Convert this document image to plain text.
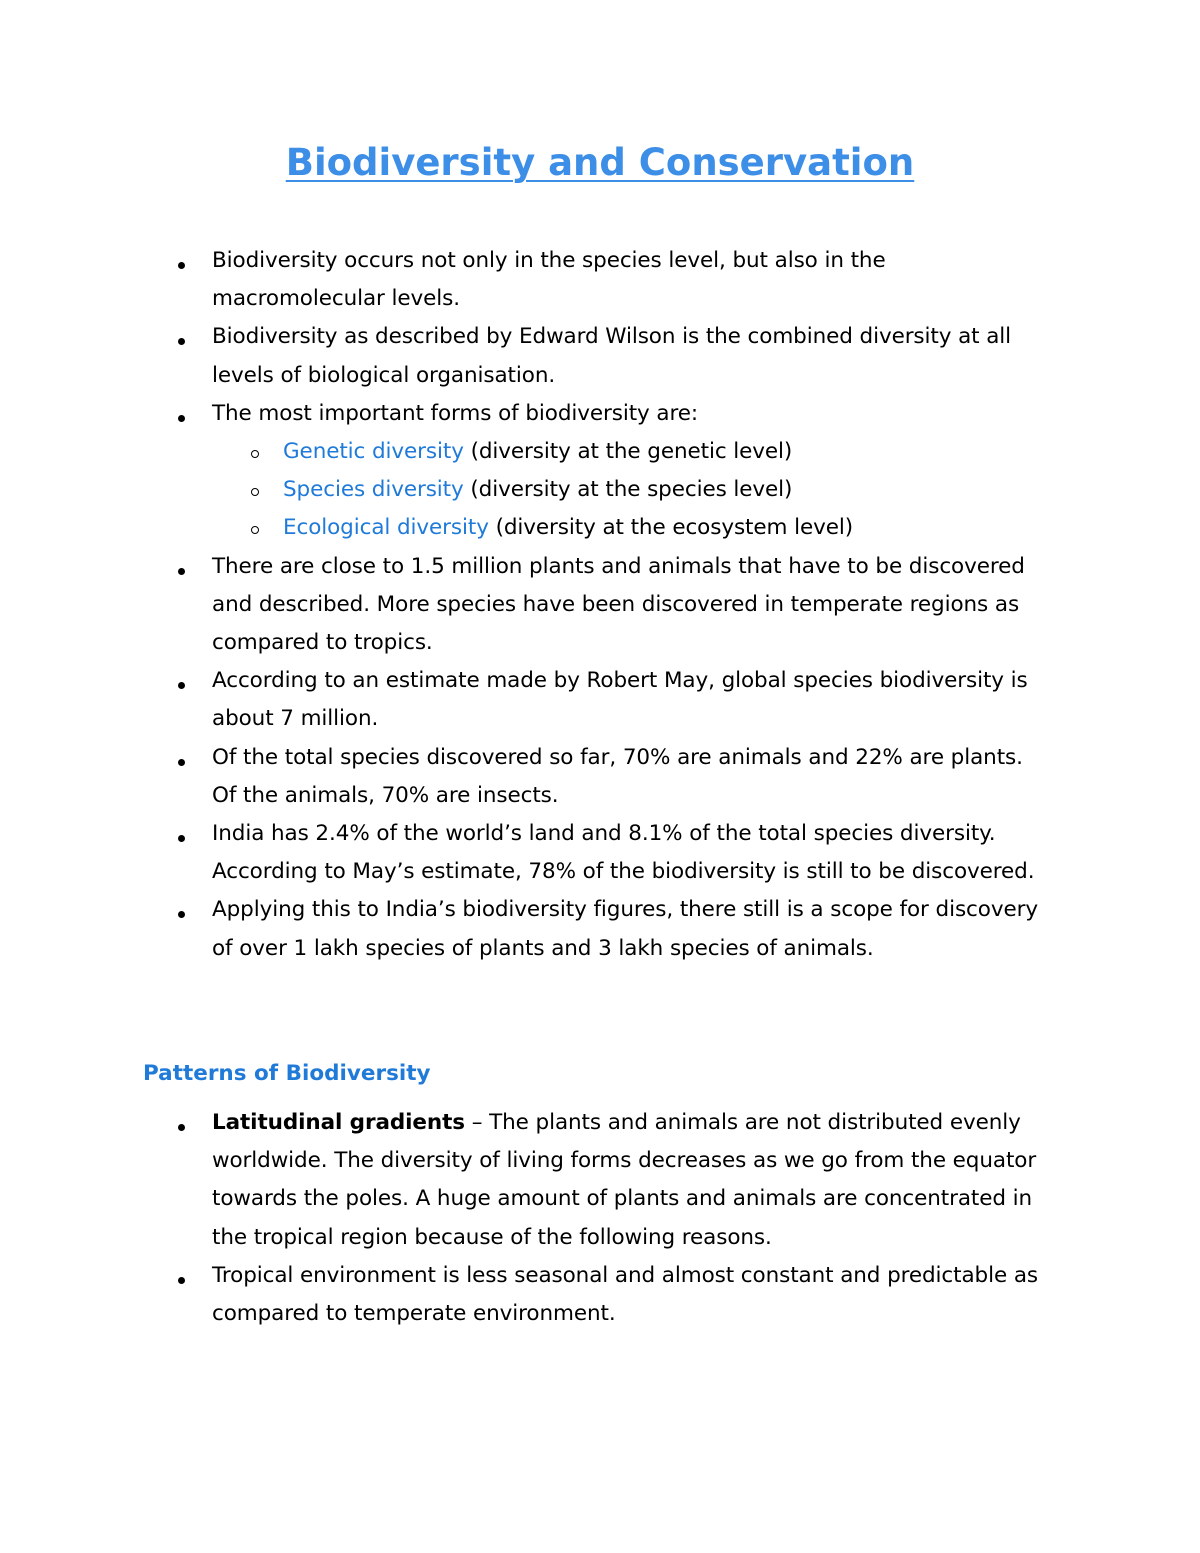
Biodiversity and Conservation
Biodiversity occurs not only in the species level, but also in the macromolecular levels.
Biodiversity as described by Edward Wilson is the combined diversity at all levels of biological organisation.
The most important forms of biodiversity are:
Genetic diversity (diversity at the genetic level)
Species diversity (diversity at the species level)
Ecological diversity (diversity at the ecosystem level)
There are close to 1.5 million plants and animals that have to be discovered and described. More species have been discovered in temperate regions as compared to tropics.
According to an estimate made by Robert May, global species biodiversity is about 7 million.
Of the total species discovered so far, 70% are animals and 22% are plants. Of the animals, 70% are insects.
India has 2.4% of the world’s land and 8.1% of the total species diversity. According to May’s estimate, 78% of the biodiversity is still to be discovered.
Applying this to India’s biodiversity figures, there still is a scope for discovery of over 1 lakh species of plants and 3 lakh species of animals.
Patterns of Biodiversity
Latitudinal gradients – The plants and animals are not distributed evenly worldwide. The diversity of living forms decreases as we go from the equator towards the poles. A huge amount of plants and animals are concentrated in the tropical region because of the following reasons.
Tropical environment is less seasonal and almost constant and predictable as compared to temperate environment.
